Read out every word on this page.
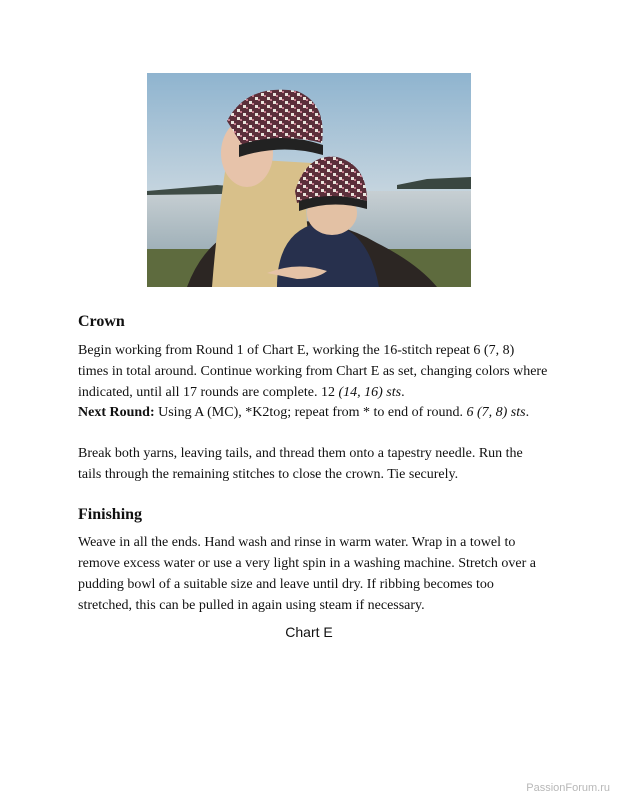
Crown

Begin working from Round 1 of Chart E, working the 16-stitch repeat 6 (7, 8) times in total around. Continue working from Chart E as set, changing colors where indicated, until all 17 rounds are complete. 12 (14, 16) sts.

Next Round: Using A (MC), *K2tog; repeat from * to end of round. 6 (7, 8) sts.

Break both yarns, leaving tails, and thread them onto a tapestry needle. Run the tails through the remaining stitches to close the crown. Tie securely.

Finishing

Weave in all the ends. Hand wash and rinse in warm water. Wrap in a towel to remove excess water or use a very light spin in a washing machine. Stretch over a pudding bowl of a suitable size and leave until dry. If ribbing becomes too stretched, this can be pulled in again using steam if necessary.

Chart E
PassionForum.ru
